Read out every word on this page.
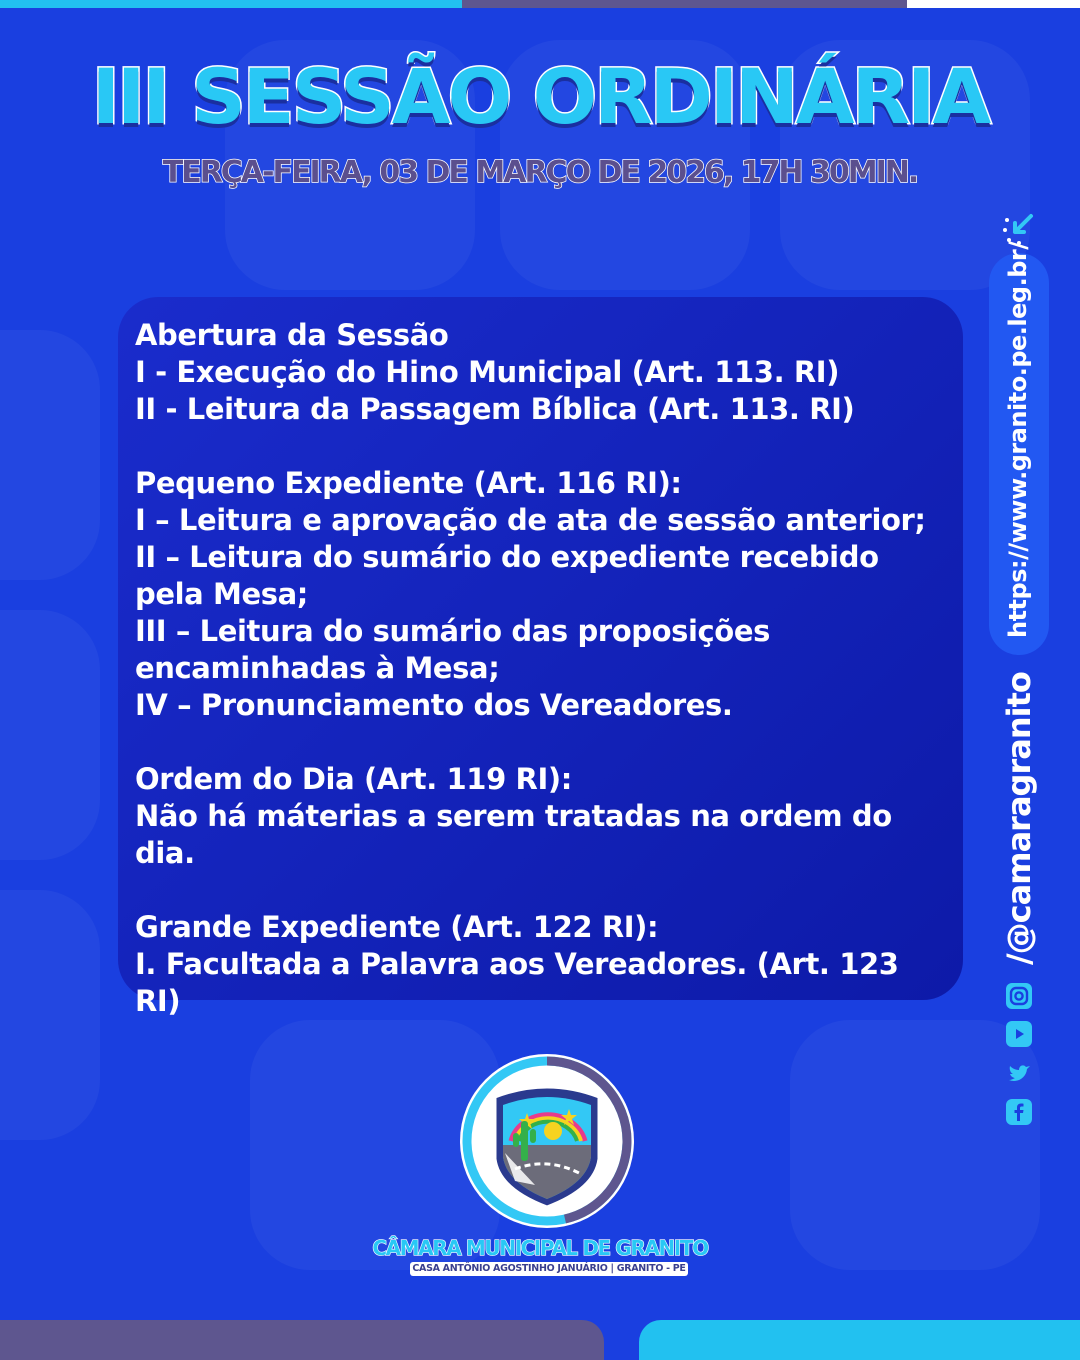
III SESSÃO ORDINÁRIA

TERÇA-FEIRA, 03 DE MARÇO DE 2026, 17H 30MIN.

Abertura da Sessão

I - Execução do Hino Municipal (Art. 113. RI)

II - Leitura da Passagem Bíblica (Art. 113. RI)

Pequeno Expediente (Art. 116 RI):

I – Leitura e aprovação de ata de sessão anterior;

II – Leitura do sumário do expediente recebido

pela Mesa;

III – Leitura do sumário das proposições

encaminhadas à Mesa;

IV – Pronunciamento dos Vereadores.

Ordem do Dia (Art. 119 RI):

Não há máterias a serem tratadas na ordem do

dia.

Grande Expediente (Art. 122 RI):

I. Facultada a Palavra aos Vereadores. (Art. 123 RI)

https://www.granito.pe.leg.br/
/@camaragranito

CÂMARA MUNICIPAL DE GRANITO

CASA ANTÔNIO AGOSTINHO JANUÁRIO | GRANITO - PE
